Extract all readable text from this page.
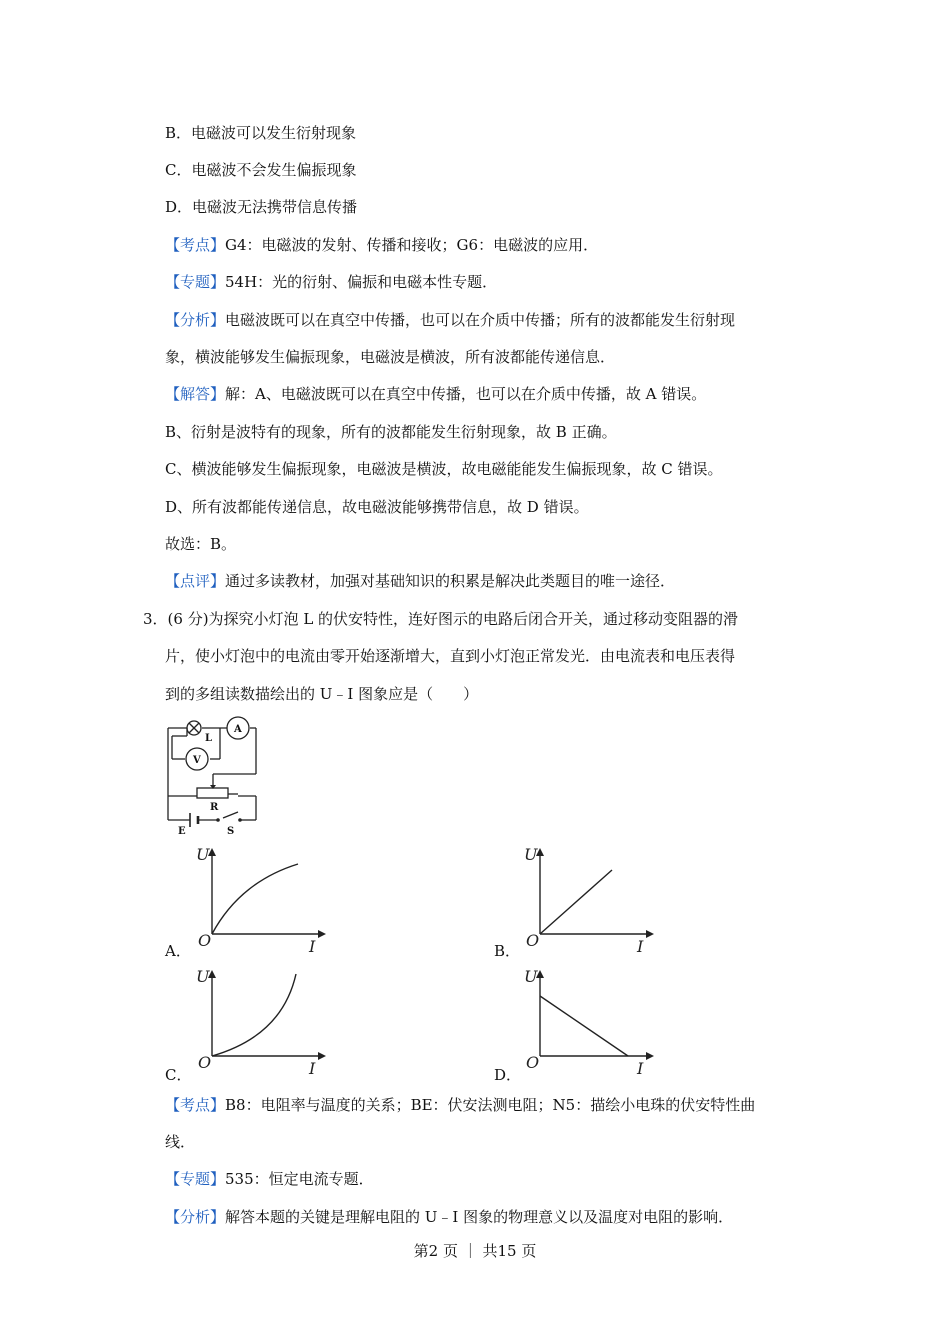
B．电磁波可以发生衍射现象
C．电磁波不会发生偏振现象
D．电磁波无法携带信息传播
【考点】G4：电磁波的发射、传播和接收；G6：电磁波的应用．
【专题】54H：光的衍射、偏振和电磁本性专题．
【分析】电磁波既可以在真空中传播，也可以在介质中传播；所有的波都能发生衍射现
象，横波能够发生偏振现象，电磁波是横波，所有波都能传递信息．
【解答】解：A、电磁波既可以在真空中传播，也可以在介质中传播，故 A 错误。
B、衍射是波特有的现象，所有的波都能发生衍射现象，故 B 正确。
C、横波能够发生偏振现象，电磁波是横波，故电磁能能发生偏振现象，故 C 错误。
D、所有波都能传递信息，故电磁波能够携带信息，故 D 错误。
故选：B。
【点评】通过多读教材，加强对基础知识的积累是解决此类题目的唯一途径．
3．(6 分)为探究小灯泡 L 的伏安特性，连好图示的电路后闭合开关，通过移动变阻器的滑
片，使小灯泡中的电流由零开始逐渐增大，直到小灯泡正常发光．由电流表和电压表得
到的多组读数描绘出的 U﹣I 图象应是（　　）
L
A
V
R
E	S
A．
U
I
O
B．
U
I
O
C．
U
I
O
D．
U
I
O
【考点】B8：电阻率与温度的关系；BE：伏安法测电阻；N5：描绘小电珠的伏安特性曲
线．
【专题】535：恒定电流专题．
【分析】解答本题的关键是理解电阻的 U﹣I 图象的物理意义以及温度对电阻的影响．
第2 页 ｜ 共15 页
